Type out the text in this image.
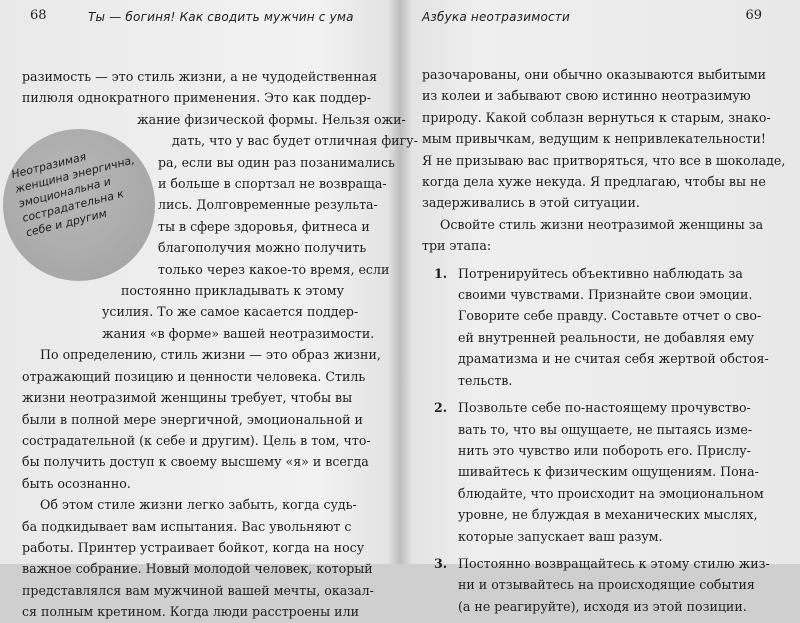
68	Ты — богиня! Как сводить мужчин с ума
Неотразимая женщина энергична, эмоциональна и сострадательна к себе и другим
разимость — это стиль жизни, а не чудодейственная
пилюля однократного применения. Это как поддер-
жание физической формы. Нельзя ожи-
дать, что у вас будет отличная фигу-
ра, если вы один раз позанимались
и больше в спортзал не возвраща-
лись. Долговременные результа-
ты в сфере здоровья, фитнеса и
благополучия можно получить
только через какое-то время, если
постоянно прикладывать к этому
усилия. То же самое касается поддер-
жания «в форме» вашей неотразимости.
По определению, стиль жизни — это образ жизни,
отражающий позицию и ценности человека. Стиль
жизни неотразимой женщины требует, чтобы вы
были в полной мере энергичной, эмоциональной и
сострадательной (к себе и другим). Цель в том, что-
бы получить доступ к своему высшему «я» и всегда
быть осознанно.
Об этом стиле жизни легко забыть, когда судь-
ба подкидывает вам испытания. Вас увольняют с
работы. Принтер устраивает бойкот, когда на носу
важное собрание. Новый молодой человек, который
представлялся вам мужчиной вашей мечты, оказал-
ся полным кретином. Когда люди расстроены или
Азбука неотразимости	69
разочарованы, они обычно оказываются выбитыми
из колеи и забывают свою истинно неотразимую
природу. Какой соблазн вернуться к старым, знако-
мым привычкам, ведущим к непривлекательности!
Я не призываю вас притворяться, что все в шоколаде,
когда дела хуже некуда. Я предлагаю, чтобы вы не
задерживались в этой ситуации.
Освойте стиль жизни неотразимой женщины за
три этапа:
1. Потренируйтесь объективно наблюдать за
своими чувствами. Признайте свои эмоции.
Говорите себе правду. Составьте отчет о сво-
ей внутренней реальности, не добавляя ему
драматизма и не считая себя жертвой обстоя-
тельств.
2. Позвольте себе по-настоящему прочувство-
вать то, что вы ощущаете, не пытаясь изме-
нить это чувство или побороть его. Прислу-
шивайтесь к физическим ощущениям. Пона-
блюдайте, что происходит на эмоциональном
уровне, не блуждая в механических мыслях,
которые запускает ваш разум.
3. Постоянно возвращайтесь к этому стилю жиз-
ни и отзывайтесь на происходящие события
(а не реагируйте), исходя из этой позиции.
